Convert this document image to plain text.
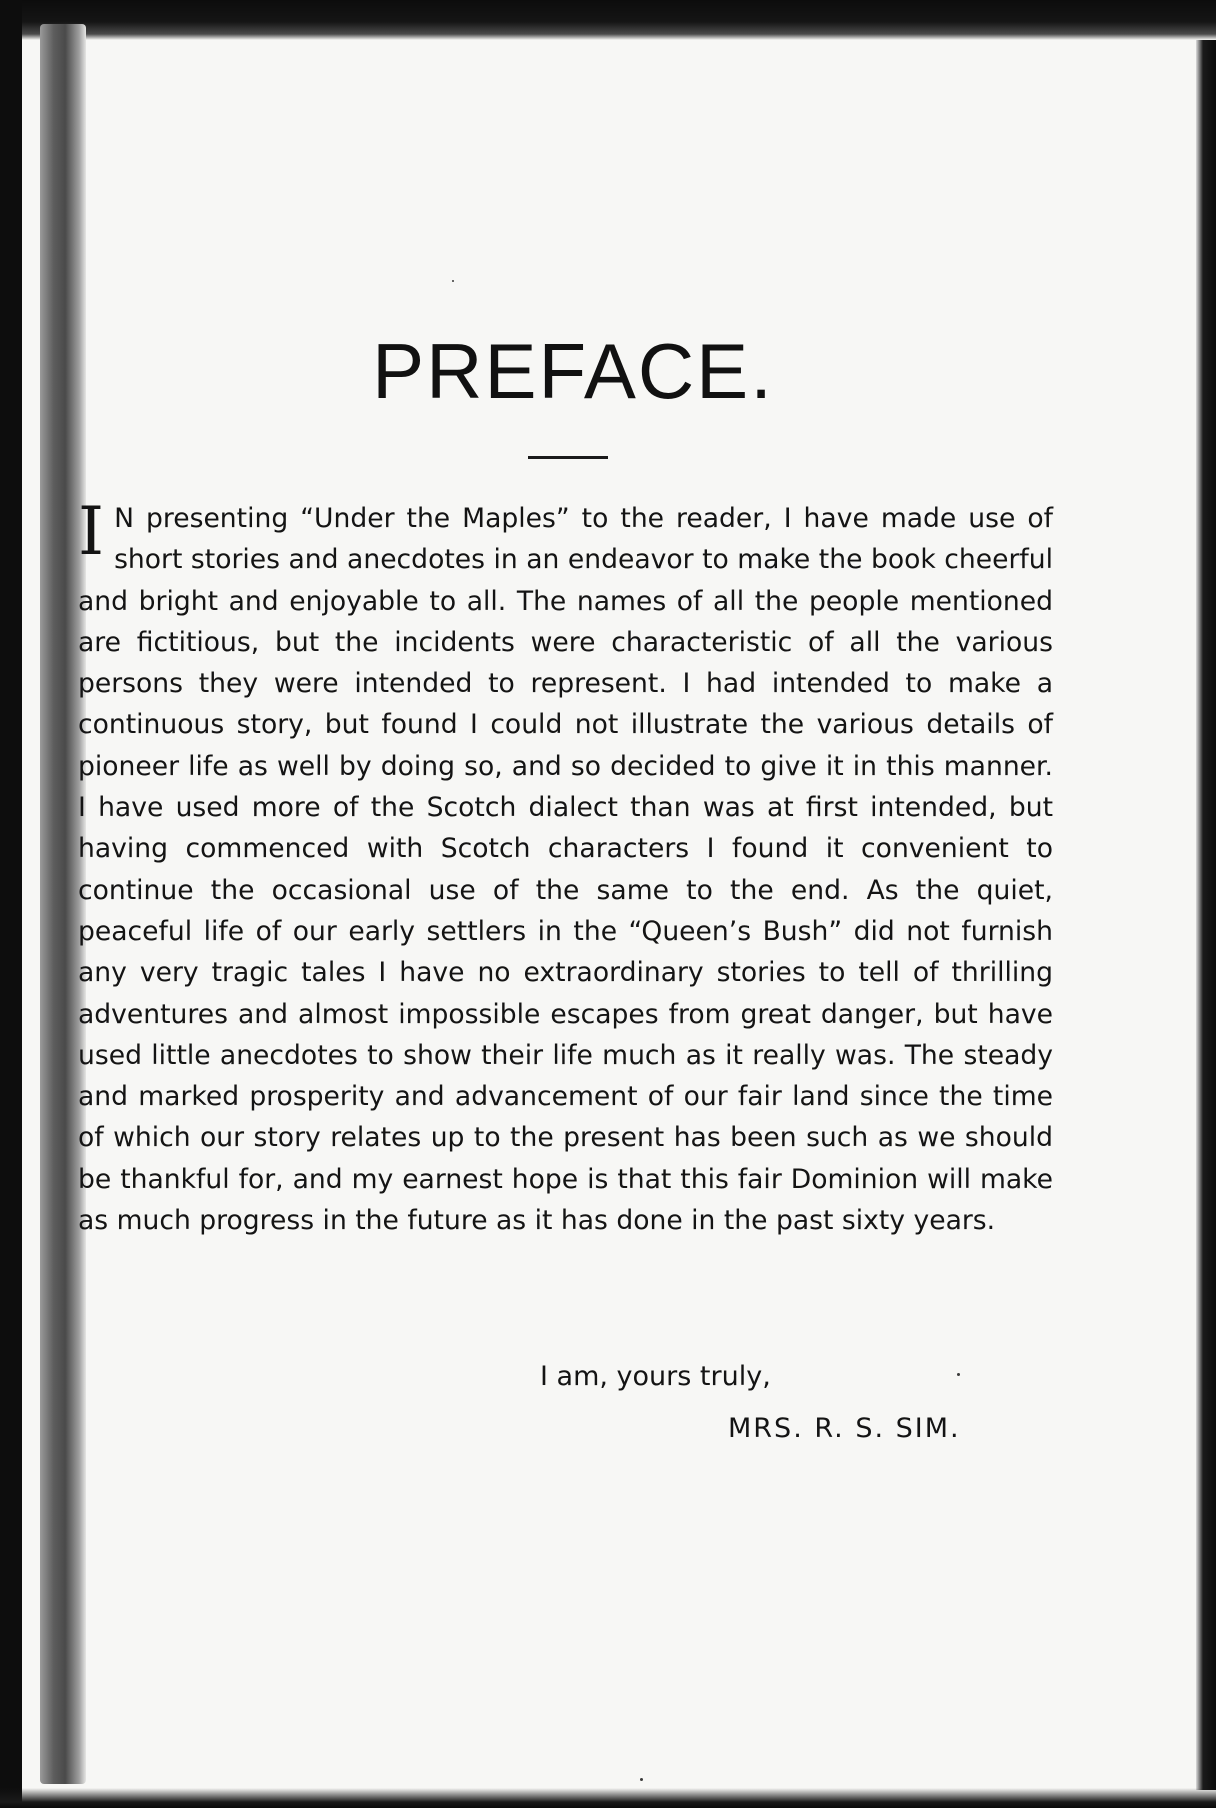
PREFACE.

I N presenting “Under the Maples” to the reader, I have made use of short stories and anecdotes in an endeavor to make the book cheerful and bright and enjoyable to all. The names of all the people mentioned are fictitious, but the incidents were characteristic of all the various persons they were intended to represent. I had intended to make a continuous story, but found I could not illustrate the various details of pioneer life as well by doing so, and so decided to give it in this manner. I have used more of the Scotch dialect than was at first intended, but having commenced with Scotch characters I found it convenient to continue the occasional use of the same to the end. As the quiet, peaceful life of our early settlers in the “Queen’s Bush” did not furnish any very tragic tales I have no extraordinary stories to tell of thrilling adventures and almost impossible escapes from great danger, but have used little anecdotes to show their life much as it really was. The steady and marked prosperity and advancement of our fair land since the time of which our story relates up to the present has been such as we should be thankful for, and my earnest hope is that this fair Dominion will make as much progress in the future as it has done in the past sixty years.

I am, yours truly,

MRS. R. S. SIM.
